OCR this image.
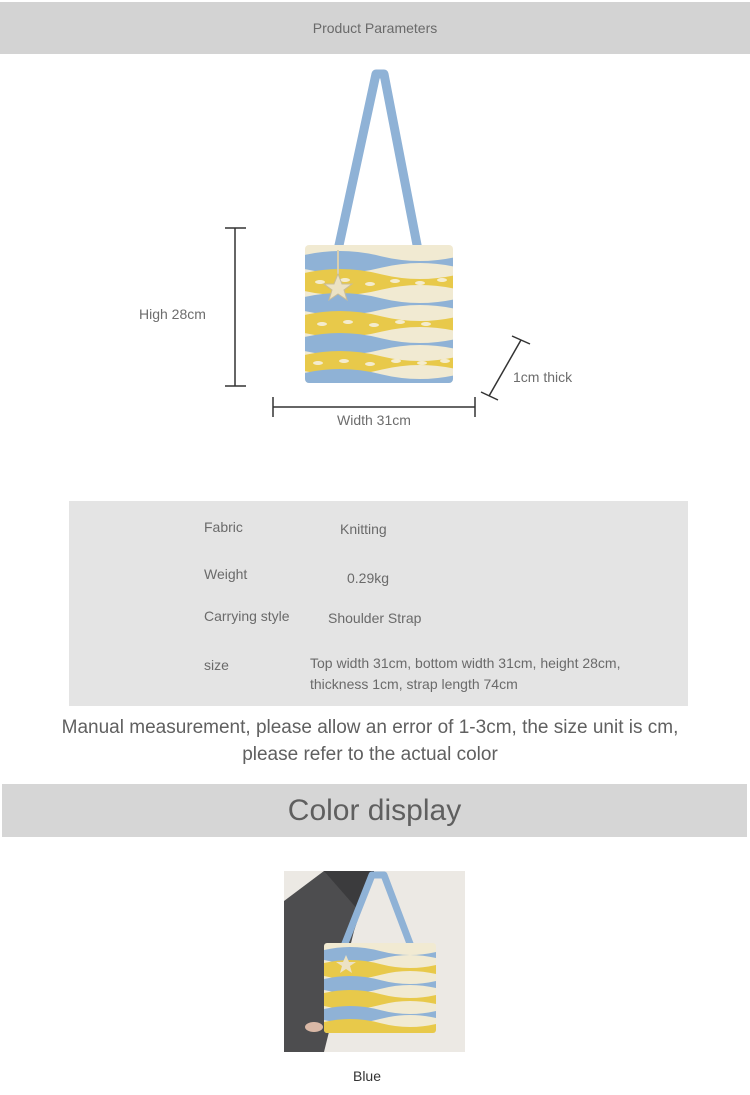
Product Parameters
High 28cm
Width 31cm
1cm thick
Fabric	Knitting
Weight	0.29kg
Carrying style	Shoulder Strap
size	Top width 31cm, bottom width 31cm, height 28cm, thickness 1cm, strap length 74cm
Manual measurement, please allow an error of 1-3cm, the size unit is cm,
please refer to the actual color
Color display
Blue
